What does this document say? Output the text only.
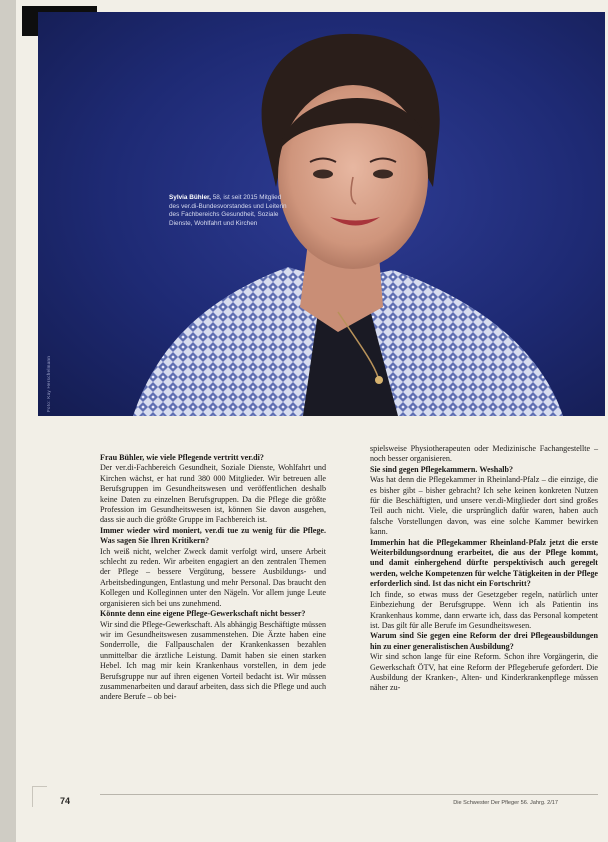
Sylvia Bühler, 58, ist seit 2015 Mitglied des ver.di-Bundesvorstandes und Leiterin des Fachbereichs Gesundheit, Soziale Dienste, Wohlfahrt und Kirchen
Foto: Kay Herschelmann

Frau Bühler, wie viele Pflegende vertritt ver.di?

Der ver.di-Fachbereich Gesundheit, Soziale Dienste, Wohlfahrt und Kirchen wächst, er hat rund 380 000 Mitglieder. Wir betreuen alle Berufsgruppen im Gesundheitswesen und veröffentlichen deshalb keine Daten zu einzelnen Berufsgruppen. Da die Pflege die größte Profession im Gesundheitswesen ist, können Sie davon ausgehen, dass sie auch die größte Gruppe im Fachbereich ist.

Immer wieder wird moniert, ver.di tue zu wenig für die Pflege. Was sagen Sie Ihren Kritikern?

Ich weiß nicht, welcher Zweck damit verfolgt wird, unsere Arbeit schlecht zu reden. Wir arbeiten engagiert an den zentralen Themen der Pflege – bessere Vergütung, bessere Ausbildungs- und Arbeitsbedingungen, Entlastung und mehr Personal. Das braucht den Kollegen und Kolleginnen unter den Nägeln. Vor allem junge Leute organisieren sich bei uns zunehmend.

Könnte denn eine eigene Pflege-Gewerkschaft nicht besser?

Wir sind die Pflege-Gewerkschaft. Als abhängig Beschäftigte müssen wir im Gesundheitswesen zusammenstehen. Die Ärzte haben eine Sonderrolle, die Fallpauschalen der Krankenkassen bezahlen unmittelbar die ärztliche Leistung. Damit haben sie einen starken Hebel. Ich mag mir kein Krankenhaus vorstellen, in dem jede Berufsgruppe nur auf ihren eigenen Vorteil bedacht ist. Wir müssen zusammenarbeiten und darauf arbeiten, dass sich die Pflege und auch andere Berufe – ob bei-

spielsweise Physiotherapeuten oder Medizinische Fachangestellte – noch besser organisieren.

Sie sind gegen Pflegekammern. Weshalb?

Was hat denn die Pflegekammer in Rheinland-Pfalz – die einzige, die es bisher gibt – bisher gebracht? Ich sehe keinen konkreten Nutzen für die Beschäftigten, und unsere ver.di-Mitglieder dort sind großes Teil auch nicht. Viele, die ursprünglich dafür waren, haben auch falsche Vorstellungen davon, was eine solche Kammer bewirken kann.

Immerhin hat die Pflegekammer Rheinland-Pfalz jetzt die erste Weiterbildungsordnung erarbeitet, die aus der Pflege kommt, und damit einhergehend dürfte perspektivisch auch geregelt werden, welche Kompetenzen für welche Tätigkeiten in der Pflege erforderlich sind. Ist das nicht ein Fortschritt?

Ich finde, so etwas muss der Gesetzgeber regeln, natürlich unter Einbeziehung der Berufsgruppe. Wenn ich als Patientin ins Krankenhaus komme, dann erwarte ich, dass das Personal kompetent ist. Das gilt für alle Berufe im Gesundheitswesen.

Warum sind Sie gegen eine Reform der drei Pflegeausbildungen hin zu einer generalistischen Ausbildung?

Wir sind schon lange für eine Reform. Schon ihre Vorgängerin, die Gewerkschaft ÖTV, hat eine Reform der Pflegeberufe gefordert. Die Ausbildung der Kranken-, Alten- und Kinderkrankenpflege müssen näher zu-

74	Die Schwester Der Pfleger 56. Jahrg. 2/17
